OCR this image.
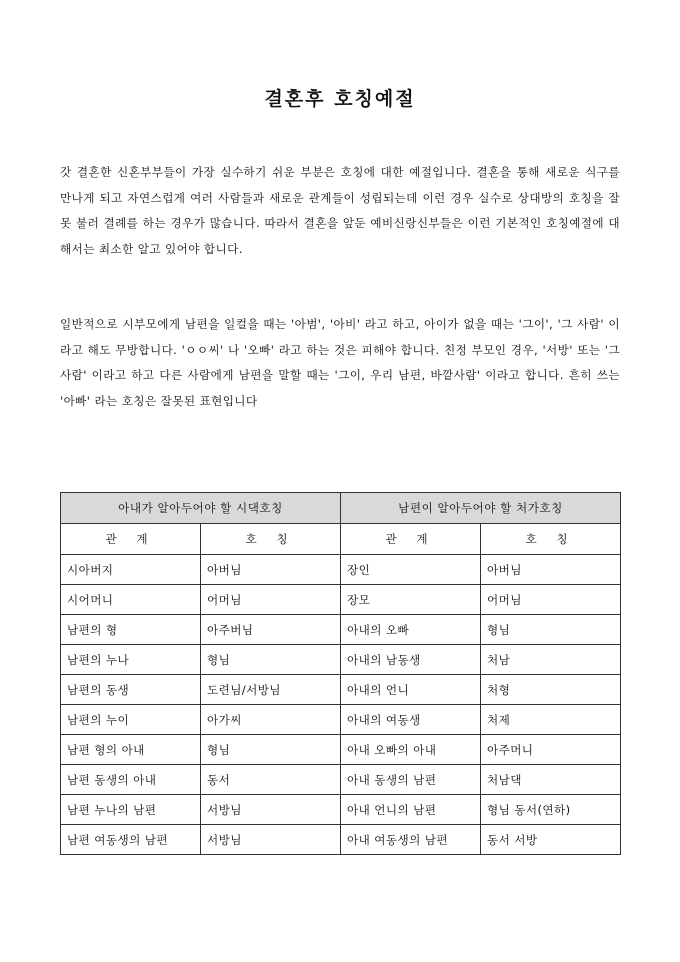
결혼후 호칭예절

갓 결혼한 신혼부부들이 가장 실수하기 쉬운 부분은 호칭에 대한 예절입니다. 결혼을 통해 새로운 식구를 만나게 되고 자연스럽게 여러 사람들과 새로운 관계들이 성립되는데 이런 경우 실수로 상대방의 호칭을 잘못 불러 결례를 하는 경우가 많습니다. 따라서 결혼을 앞둔 예비신랑신부들은 이런 기본적인 호칭예절에 대해서는 최소한 알고 있어야 합니다.

일반적으로 시부모에게 남편을 일컬을 때는 '아범', '아비' 라고 하고, 아이가 없을 때는 '그이', '그 사람' 이라고 해도 무방합니다. 'ㅇㅇ씨' 나 '오빠' 라고 하는 것은 피해야 합니다. 친정 부모인 경우, '서방' 또는 '그 사람' 이라고 하고 다른 사람에게 남편을 말할 때는 '그이, 우리 남편, 바깥사람' 이라고 합니다. 흔히 쓰는 '아빠' 라는 호칭은 잘못된 표현입니다

아내가 알아두어야 할 시댁호칭		남편이 알아두어야 할 처가호칭	
관 계	호 칭	관 계	호 칭
시아버지	아버님	장인	아버님
시어머니	어머님	장모	어머님
남편의 형	아주버님	아내의 오빠	형님
남편의 누나	형님	아내의 남동생	처남
남편의 동생	도련님/서방님	아내의 언니	처형
남편의 누이	아가씨	아내의 여동생	처제
남편 형의 아내	형님	아내 오빠의 아내	아주머니
남편 동생의 아내	동서	아내 동생의 남편	처남댁
남편 누나의 남편	서방님	아내 언니의 남편	형님 동서(연하)
남편 여동생의 남편	서방님	아내 여동생의 남편	동서 서방
